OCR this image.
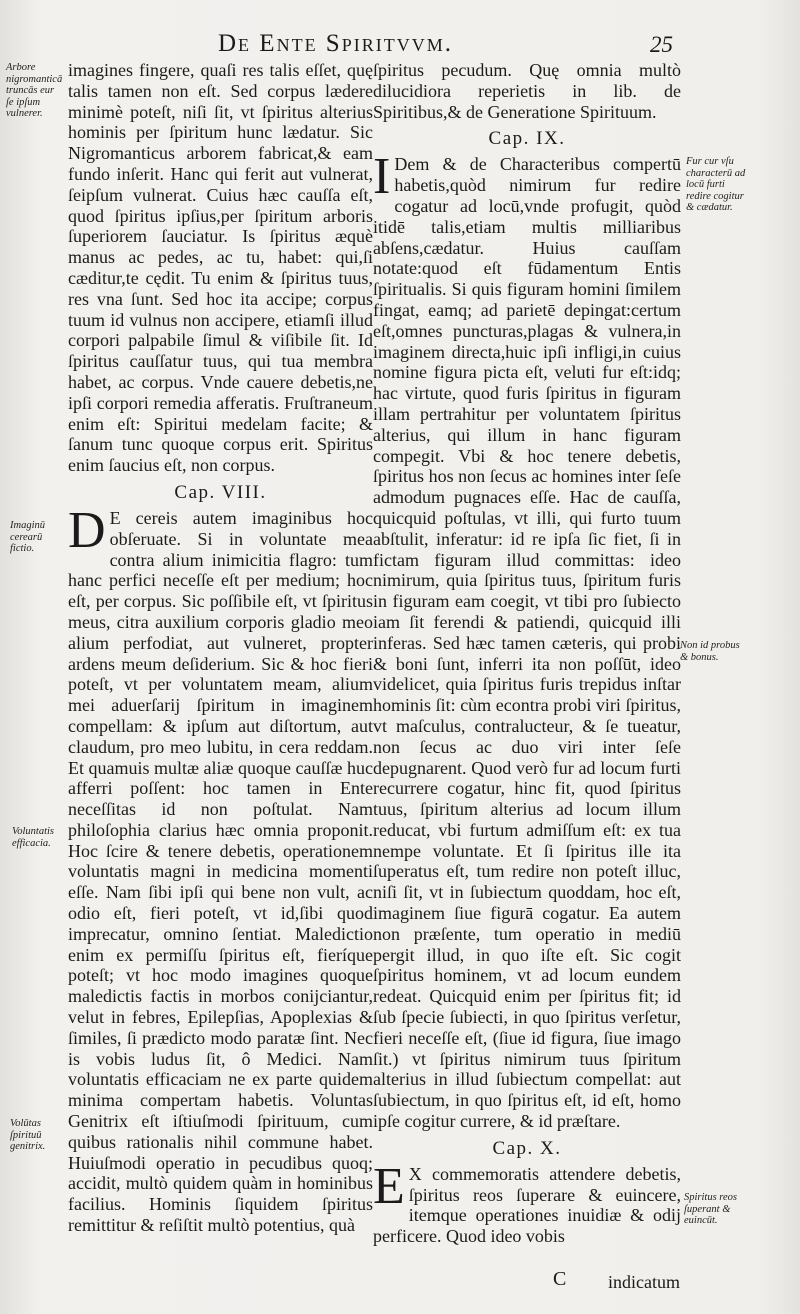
De Ente Spiritvvm.	25

imagines fingere, quaſi res talis eſſet, quę talis tamen non eſt. Sed corpus lædere minimè poteſt, niſi ſit, vt ſpiritus alterius hominis per ſpiritum hunc lædatur. Sic Nigromanticus arborem fabricat,& eam fundo inſerit. Hanc qui ferit aut vulnerat, ſeipſum vulnerat. Cuius hæc cauſſa eſt, quod ſpiritus ipſius,per ſpiritum arboris ſuperiorem ſauciatur. Is ſpiritus æquè manus ac pedes, ac tu, habet: qui,ſi cæditur,te cędit. Tu enim & ſpiritus tuus, res vna ſunt. Sed hoc ita accipe; corpus tuum id vulnus non accipere, etiamſi illud corpori palpabile ſimul & viſibile ſit. Id ſpiritus cauſſatur tuus, qui tua membra habet, ac corpus. Vnde cauere debetis,ne ipſi corpori remedia afferatis. Fruſtraneum enim eſt: Spiritui medelam facite; & ſanum tunc quoque corpus erit. Spiritus enim ſaucius eſt, non corpus.

Cap. VIII.

D E cereis autem imaginibus hoc obſeruate. Si in voluntate mea contra alium inimicitia flagro: tum hanc perfici neceſſe eſt per medium; hoc eſt, per corpus. Sic poſſibile eſt, vt ſpiritus meus, citra auxilium corporis gladio meo alium perfodiat, aut vulneret, propter ardens meum deſiderium. Sic & hoc fieri poteſt, vt per voluntatem meam, alium mei aduerſarij ſpiritum in imaginem compellam: & ipſum aut diſtortum, aut claudum, pro meo lubitu, in cera reddam. Et quamuis multæ aliæ quoque cauſſæ huc afferri poſſent: hoc tamen in Ente neceſſitas id non poſtulat. Nam philoſophia clarius hæc omnia proponit. Hoc ſcire & tenere debetis, operationem voluntatis magni in medicina momenti eſſe. Nam ſibi ipſi qui bene non vult, ac odio eſt, fieri poteſt, vt id,ſibi quod imprecatur, omnino ſentiat. Maledictio enim ex permiſſu ſpiritus eſt, fieríque poteſt; vt hoc modo imagines quoque maledictis factis in morbos conijciantur, velut in febres, Epilepſias, Apoplexias & ſimiles, ſi prædicto modo paratæ ſint. Nec is vobis ludus ſit, ô Medici. Nam voluntatis efficaciam ne ex parte quidem minima compertam habetis. Voluntas Genitrix eſt iſtiuſmodi ſpirituum, cum quibus rationalis nihil commune habet. Huiuſmodi operatio in pecudibus quoq; accidit, multò quidem quàm in hominibus facilius. Hominis ſiquidem ſpiritus remittitur & reſiſtit multò potentius, quà

ſpiritus pecudum. Quę omnia multò dilucidiora reperietis in lib. de Spiritibus,& de Generatione Spirituum.

Cap. IX.

I Dem & de Characteribus compertū habetis,quòd nimirum fur redire cogatur ad locū,vnde profugit, quòd itidē talis,etiam multis milliaribus abſens,cædatur. Huius cauſſam notate:quod eſt fūdamentum Entis ſpiritualis. Si quis figuram homini ſimilem fingat, eamq; ad parietē depingat:certum eſt,omnes puncturas,plagas & vulnera,in imaginem directa,huic ipſi infligi,in cuius nomine figura picta eſt, veluti fur eſt:idq; hac virtute, quod furis ſpiritus in figuram illam pertrahitur per voluntatem ſpiritus alterius, qui illum in hanc figuram compegit. Vbi & hoc tenere debetis, ſpiritus hos non ſecus ac homines inter ſeſe admodum pugnaces eſſe. Hac de cauſſa, quicquid poſtulas, vt illi, qui furto tuum abſtulit, inferatur: id re ipſa ſic fiet, ſi in fictam figuram illud committas: ideo nimirum, quia ſpiritus tuus, ſpiritum furis in figuram eam coegit, vt tibi pro ſubiecto iam ſit ferendi & patiendi, quicquid illi inferas. Sed hæc tamen cæteris, qui probi & boni ſunt, inferri ita non poſſūt, ideo videlicet, quia ſpiritus furis trepidus inſtar hominis ſit: cùm econtra probi viri ſpiritus, vt maſculus, contralucteur, & ſe tueatur, non ſecus ac duo viri inter ſeſe depugnarent. Quod verò fur ad locum furti recurrere cogatur, hinc fit, quod ſpiritus tuus, ſpiritum alterius ad locum illum reducat, vbi furtum admiſſum eſt: ex tua nempe voluntate. Et ſi ſpiritus ille ita ſuperatus eſt, tum redire non poteſt illuc, niſi ſit, vt in ſubiectum quoddam, hoc eſt, imaginem ſiue figurā cogatur. Ea autem non præſente, tum operatio in mediū pergit illud, in quo iſte eſt. Sic cogit ſpiritus hominem, vt ad locum eundem redeat. Quicquid enim per ſpiritus fit; id ſub ſpecie ſubiecti, in quo ſpiritus verſetur, fieri neceſſe eſt, (ſiue id figura, ſiue imago ſit.) vt ſpiritus nimirum tuus ſpiritum alterius in illud ſubiectum compellat: aut ſubiectum, in quo ſpiritus eſt, id eſt, homo ipſe cogitur currere, & id præſtare.

Cap. X.

E X commemoratis attendere debetis, ſpiritus reos ſuperare & euincere, itemque operationes inuidiæ & odij perficere. Quod ideo vobis

Arbore nigromanticā truncās eur ſe ipſum vulnerer.
Imaginū cerearū fictio.
Voluntatis efficacia.
Volūtas ſpirituū genitrix.
Fur cur vſu characterū ad locū furti redire cogitur & cædatur.
Non id probus & bonus.
Spiritus reos ſuperant & euincūt.
C indicatum
